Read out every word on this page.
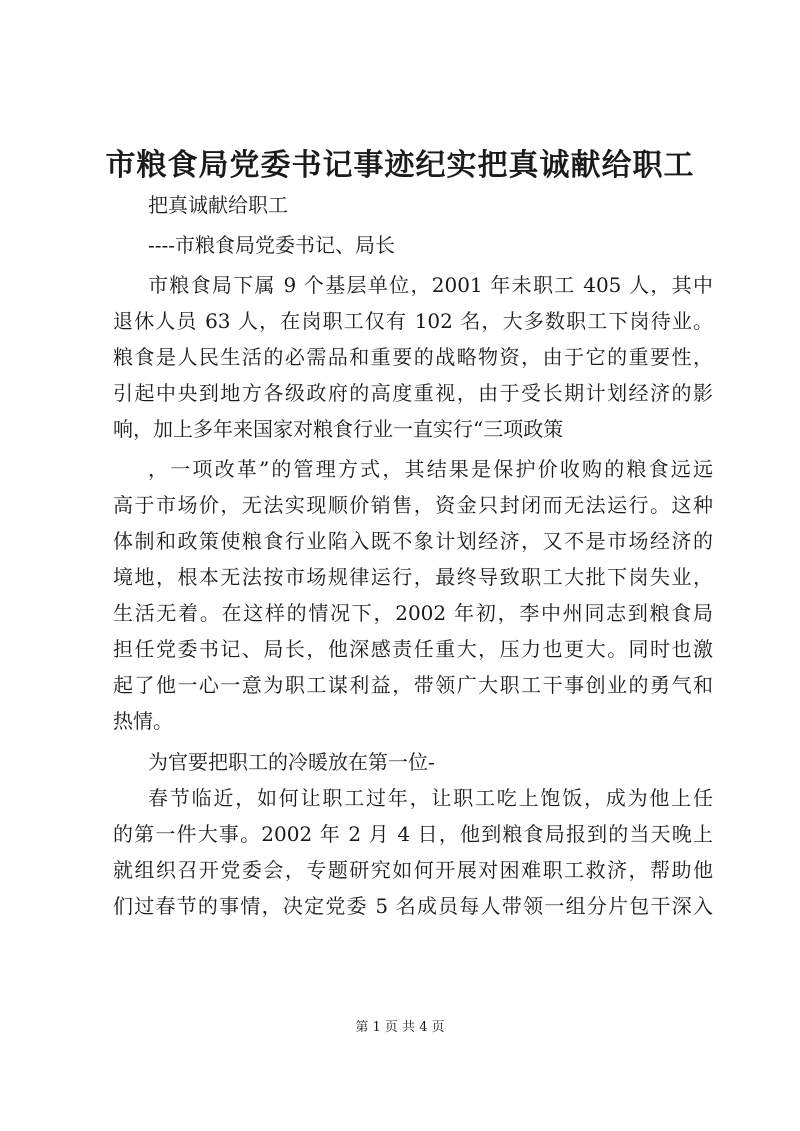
市粮食局党委书记事迹纪实把真诚献给职工
把真诚献给职工
----市粮食局党委书记、局长
市粮食局下属 9 个基层单位，2001 年未职工 405 人，其中
退休人员 63 人，在岗职工仅有 102 名，大多数职工下岗待业。
粮食是人民生活的必需品和重要的战略物资，由于它的重要性，
引起中央到地方各级政府的高度重视，由于受长期计划经济的影
响，加上多年来国家对粮食行业一直实行“三项政策
，一项改革”的管理方式，其结果是保护价收购的粮食远远
高于市场价，无法实现顺价销售，资金只封闭而无法运行。这种
体制和政策使粮食行业陷入既不象计划经济，又不是市场经济的
境地，根本无法按市场规律运行，最终导致职工大批下岗失业，
生活无着。在这样的情况下，2002 年初，李中州同志到粮食局
担任党委书记、局长，他深感责任重大，压力也更大。同时也激
起了他一心一意为职工谋利益，带领广大职工干事创业的勇气和
热情。
为官要把职工的冷暖放在第一位-
春节临近，如何让职工过年，让职工吃上饱饭，成为他上任
的第一件大事。2002 年 2 月 4 日，他到粮食局报到的当天晚上
就组织召开党委会，专题研究如何开展对困难职工救济，帮助他
们过春节的事情，决定党委 5 名成员每人带领一组分片包干深入
第 1 页 共 4 页
